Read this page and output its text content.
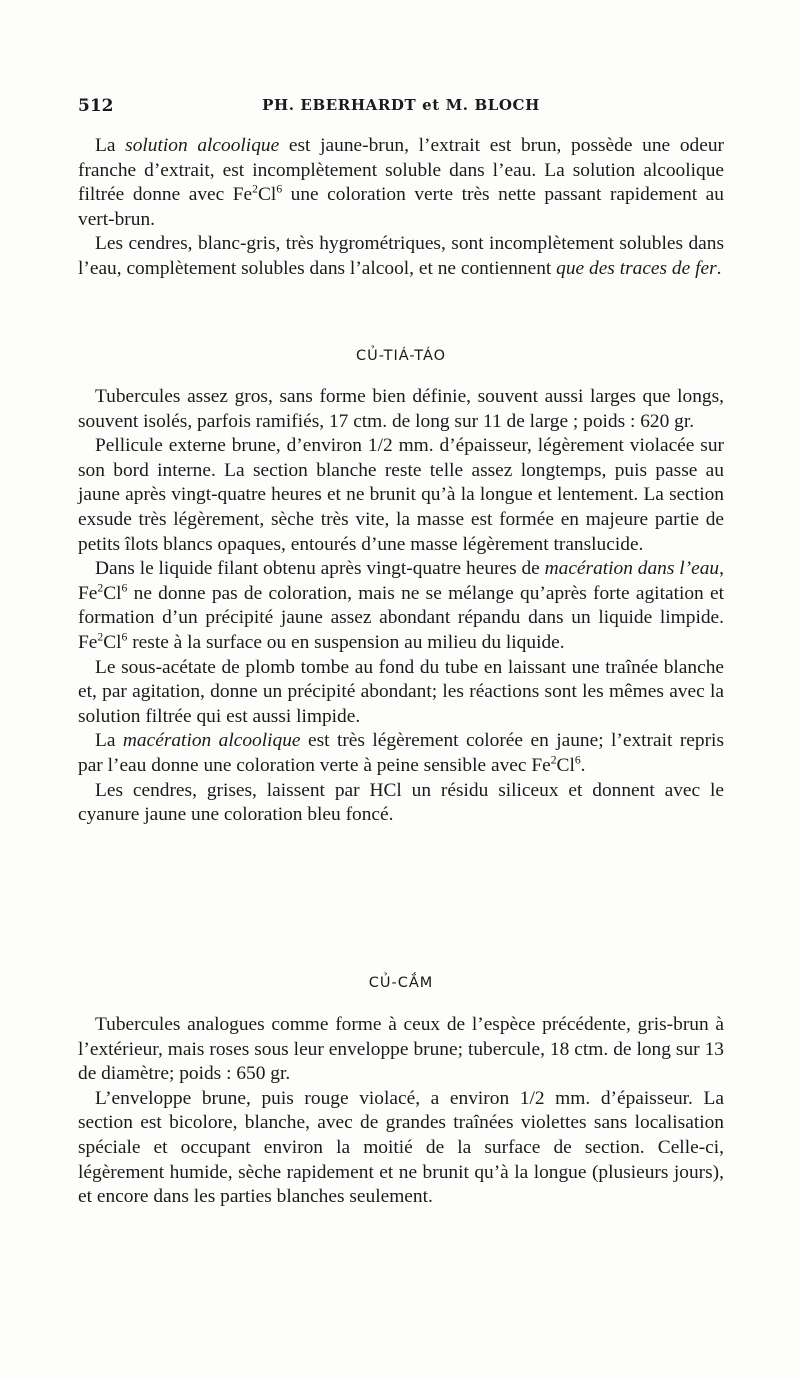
512	PH. EBERHARDT et M. BLOCH

La solution alcoolique est jaune-brun, l’extrait est brun, possède une odeur franche d’extrait, est incomplètement soluble dans l’eau. La solution alcoolique filtrée donne avec Fe$^2$Cl$^6$ une coloration verte très nette passant rapidement au vert-brun.

Les cendres, blanc-gris, très hygrométriques, sont incomplètement solubles dans l’eau, complètement solubles dans l’alcool, et ne contiennent que des traces de fer.

CỦ-TIÁ-TÁO

Tubercules assez gros, sans forme bien définie, souvent aussi larges que longs, souvent isolés, parfois ramifiés, 17 ctm. de long sur 11 de large ; poids : 620 gr.

Pellicule externe brune, d’environ 1/2 mm. d’épaisseur, légèrement violacée sur son bord interne. La section blanche reste telle assez longtemps, puis passe au jaune après vingt-quatre heures et ne brunit qu’à la longue et lentement. La section exsude très légèrement, sèche très vite, la masse est formée en majeure partie de petits îlots blancs opaques, entourés d’une masse légèrement translucide.

Dans le liquide filant obtenu après vingt-quatre heures de macération dans l’eau, Fe$^2$Cl$^6$ ne donne pas de coloration, mais ne se mélange qu’après forte agitation et formation d’un précipité jaune assez abondant répandu dans un liquide limpide. Fe$^2$Cl$^6$ reste à la surface ou en suspension au milieu du liquide.

Le sous-acétate de plomb tombe au fond du tube en laissant une traînée blanche et, par agitation, donne un précipité abondant; les réactions sont les mêmes avec la solution filtrée qui est aussi limpide.

La macération alcoolique est très légèrement colorée en jaune; l’extrait repris par l’eau donne une coloration verte à peine sensible avec Fe$^2$Cl$^6$.

Les cendres, grises, laissent par HCl un résidu siliceux et donnent avec le cyanure jaune une coloration bleu foncé.

CỦ-CẮM

Tubercules analogues comme forme à ceux de l’espèce précédente, gris-brun à l’extérieur, mais roses sous leur enveloppe brune; tubercule, 18 ctm. de long sur 13 de diamètre; poids : 650 gr.

L’enveloppe brune, puis rouge violacé, a environ 1/2 mm. d’épaisseur. La section est bicolore, blanche, avec de grandes traînées violettes sans localisation spéciale et occupant environ la moitié de la surface de section. Celle-ci, légèrement humide, sèche rapidement et ne brunit qu’à la longue (plusieurs jours), et encore dans les parties blanches seulement.
